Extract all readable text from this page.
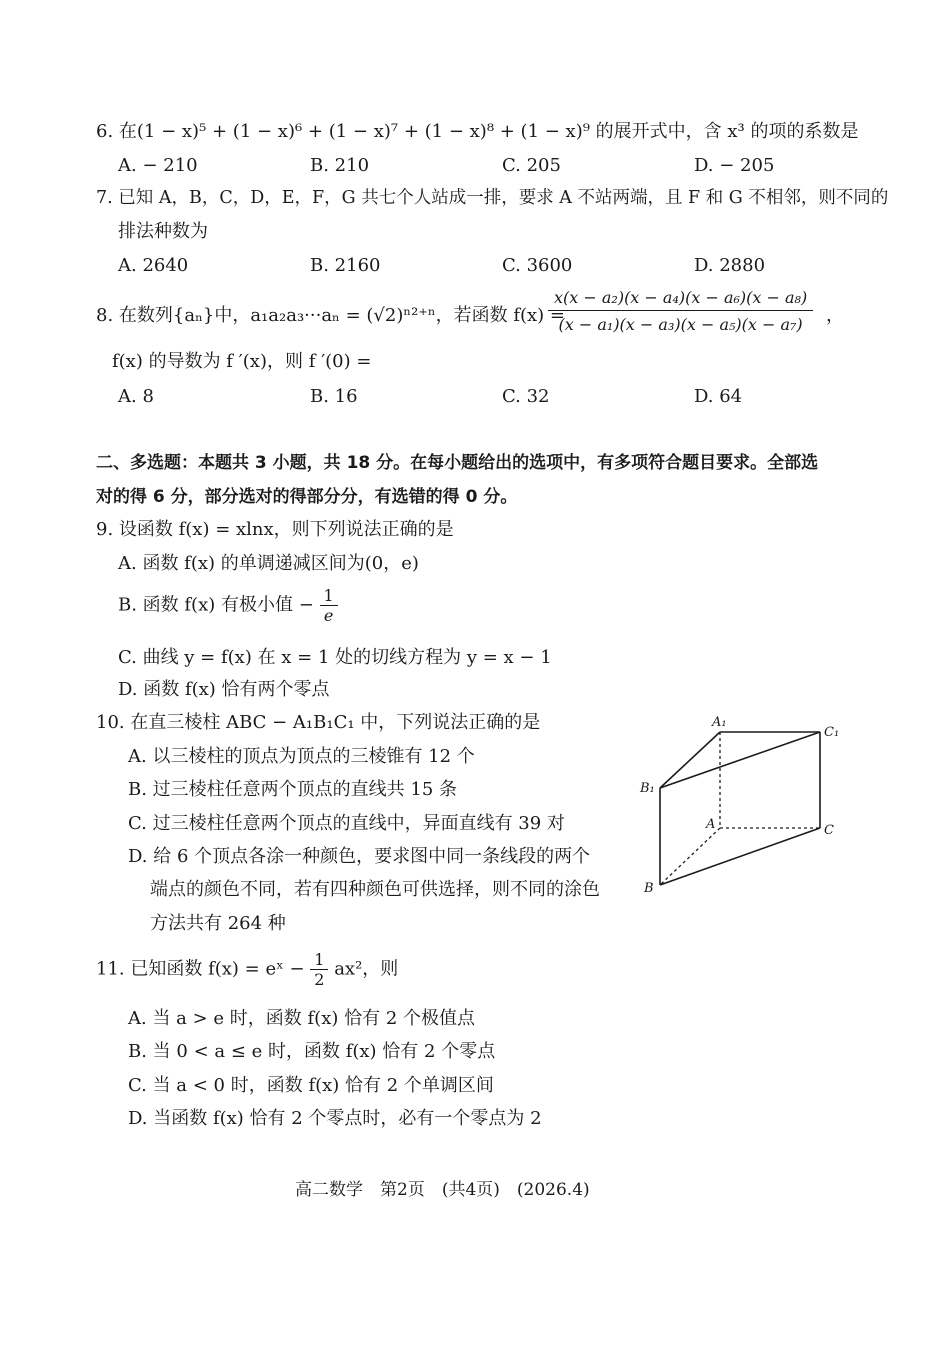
6. 在(1 − x)⁵ + (1 − x)⁶ + (1 − x)⁷ + (1 − x)⁸ + (1 − x)⁹ 的展开式中，含 x³ 的项的系数是
A. − 210	B. 210	C. 205	D. − 205
7. 已知 A，B，C，D，E，F，G 共七个人站成一排，要求 A 不站两端，且 F 和 G 不相邻，则不同的
排法种数为
A. 2640	B. 2160	C. 3600	D. 2880
8. 在数列{aₙ}中，a₁a₂a₃···aₙ = (√2)ⁿ²⁺ⁿ，若函数 f(x) =
$\frac{\text{x(x − a₂)(x − a₄)(x − a₆)(x − a₈)}}{\text{(x − a₁)(x − a₃)(x − a₅)(x − a₇)}}$ ，
f(x) 的导数为 f ′(x)，则 f ′(0) =
A. 8	B. 16	C. 32	D. 64
二、多选题：本题共 3 小题，共 18 分。在每小题给出的选项中，有多项符合题目要求。全部选
对的得 6 分，部分选对的得部分分，有选错的得 0 分。
9. 设函数 f(x) = xlnx，则下列说法正确的是
A. 函数 f(x) 的单调递减区间为(0，e)
B. 函数 f(x) 有极小值 − $\frac{1}{e}$
C. 曲线 y = f(x) 在 x = 1 处的切线方程为 y = x − 1
D. 函数 f(x) 恰有两个零点
10. 在直三棱柱 ABC − A₁B₁C₁ 中，下列说法正确的是
A. 以三棱柱的顶点为顶点的三棱锥有 12 个
B. 过三棱柱任意两个顶点的直线共 15 条
C. 过三棱柱任意两个顶点的直线中，异面直线有 39 对
D. 给 6 个顶点各涂一种颜色，要求图中同一条线段的两个
端点的颜色不同，若有四种颜色可供选择，则不同的涂色
方法共有 264 种
A₁
C₁
B₁
A	C
B
11. 已知函数 f(x) = eˣ − $\frac{1}{2} ax^2$，则
A. 当 a > e 时，函数 f(x) 恰有 2 个极值点
B. 当 0 < a ≤ e 时，函数 f(x) 恰有 2 个零点
C. 当 a < 0 时，函数 f(x) 恰有 2 个单调区间
D. 当函数 f(x) 恰有 2 个零点时，必有一个零点为 2
高二数学　第2页　(共4页)　(2026.4)
